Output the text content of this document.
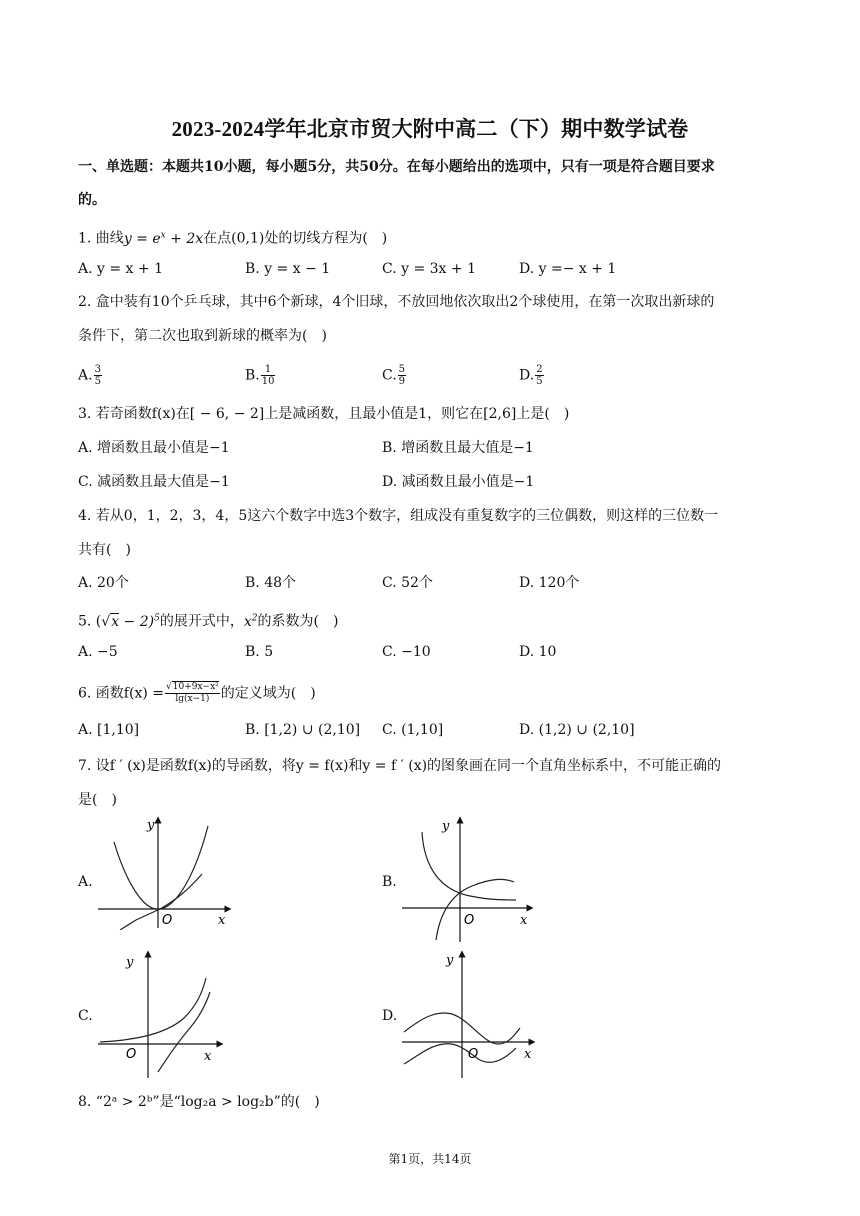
2023-2024学年北京市贸大附中高二（下）期中数学试卷
一、单选题：本题共10小题，每小题5分，共50分。在每小题给出的选项中，只有一项是符合题目要求
的。
1. 曲线$y = e^x + 2x$在点(0,1)处的切线方程为(　)
A. y = x + 1	B. y = x − 1	C. y = 3x + 1	D. y =− x + 1
2. 盒中装有10个乒乓球，其中6个新球，4个旧球，不放回地依次取出2个球使用，在第一次取出新球的
条件下，第二次也取到新球的概率为(　)
A. $\frac{3}{5}$	B. $\frac{1}{10}$	C. $\frac{5}{9}$	D. $\frac{2}{5}$
3. 若奇函数f(x)在[ − 6, − 2]上是减函数，且最小值是1，则它在[2,6]上是(　)
A. 增函数且最小值是−1	B. 增函数且最大值是−1
C. 减函数且最大值是−1	D. 减函数且最小值是−1
4. 若从0，1，2，3，4，5这六个数字中选3个数字，组成没有重复数字的三位偶数，则这样的三位数一
共有(　)
A. 20个	B. 48个	C. 52个	D. 120个
5. $(√x - 2)^5$的展开式中，$x^2$的系数为(　)
A. −5	B. 5	C. −10	D. 10
6. 函数$f(x) = \frac{\text{√10+9x−x²}}{\lg(x-1)}$ 的定义域为(　)
A. [1,10]	B. [1,2) ∪ (2,10] C. (1,10]	D. (1,2) ∪ (2,10]
7. 设f ′ (x)是函数f(x)的导函数，将y = f(x)和y = f ′ (x)的图象画在同一个直角坐标系中，不可能正确的
是(　)
A.
y
x
O
B.
y
x
O
C.
y
x
O
D.
y
x
O
8. “2ᵃ > 2ᵇ”是“log₂a > log₂b”的(　)
第1页，共14页
